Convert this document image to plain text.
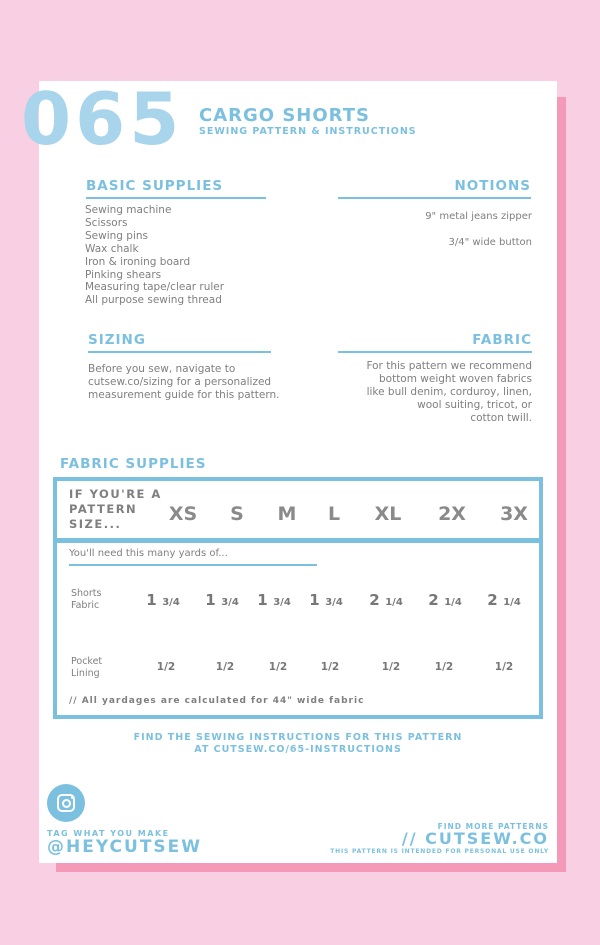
065 CARGO SHORTS
SEWING PATTERN & INSTRUCTIONS
BASIC SUPPLIES
Sewing machine
Scissors
Sewing pins
Wax chalk
Iron & ironing board
Pinking shears
Measuring tape/clear ruler
All purpose sewing thread
NOTIONS
9" metal jeans zipper
3/4" wide button
SIZING
Before you sew, navigate to
cutsew.co/sizing for a personalized
measurement guide for this pattern.
FABRIC
For this pattern we recommend
bottom weight woven fabrics
like bull denim, corduroy, linen,
wool suiting, tricot, or
cotton twill.
FABRIC SUPPLIES
IF YOU'RE A
PATTERN
SIZE...	XS	S	M	L	XL	2X	3X
You'll need this many yards of...
Shorts
Fabric	1 3/4	1 3/4	1 3/4	1 3/4	2 1/4	2 1/4	2 1/4
Pocket
Lining
1/2	1/2	1/2	1/2	1/2	1/2	1/2
// All yardages are calculated for 44" wide fabric
FIND THE SEWING INSTRUCTIONS FOR THIS PATTERN
AT CUTSEW.CO/65-INSTRUCTIONS
TAG WHAT YOU MAKE
@HEYCUTSEW
FIND MORE PATTERNS
// CUTSEW.CO
THIS PATTERN IS INTENDED FOR PERSONAL USE ONLY
